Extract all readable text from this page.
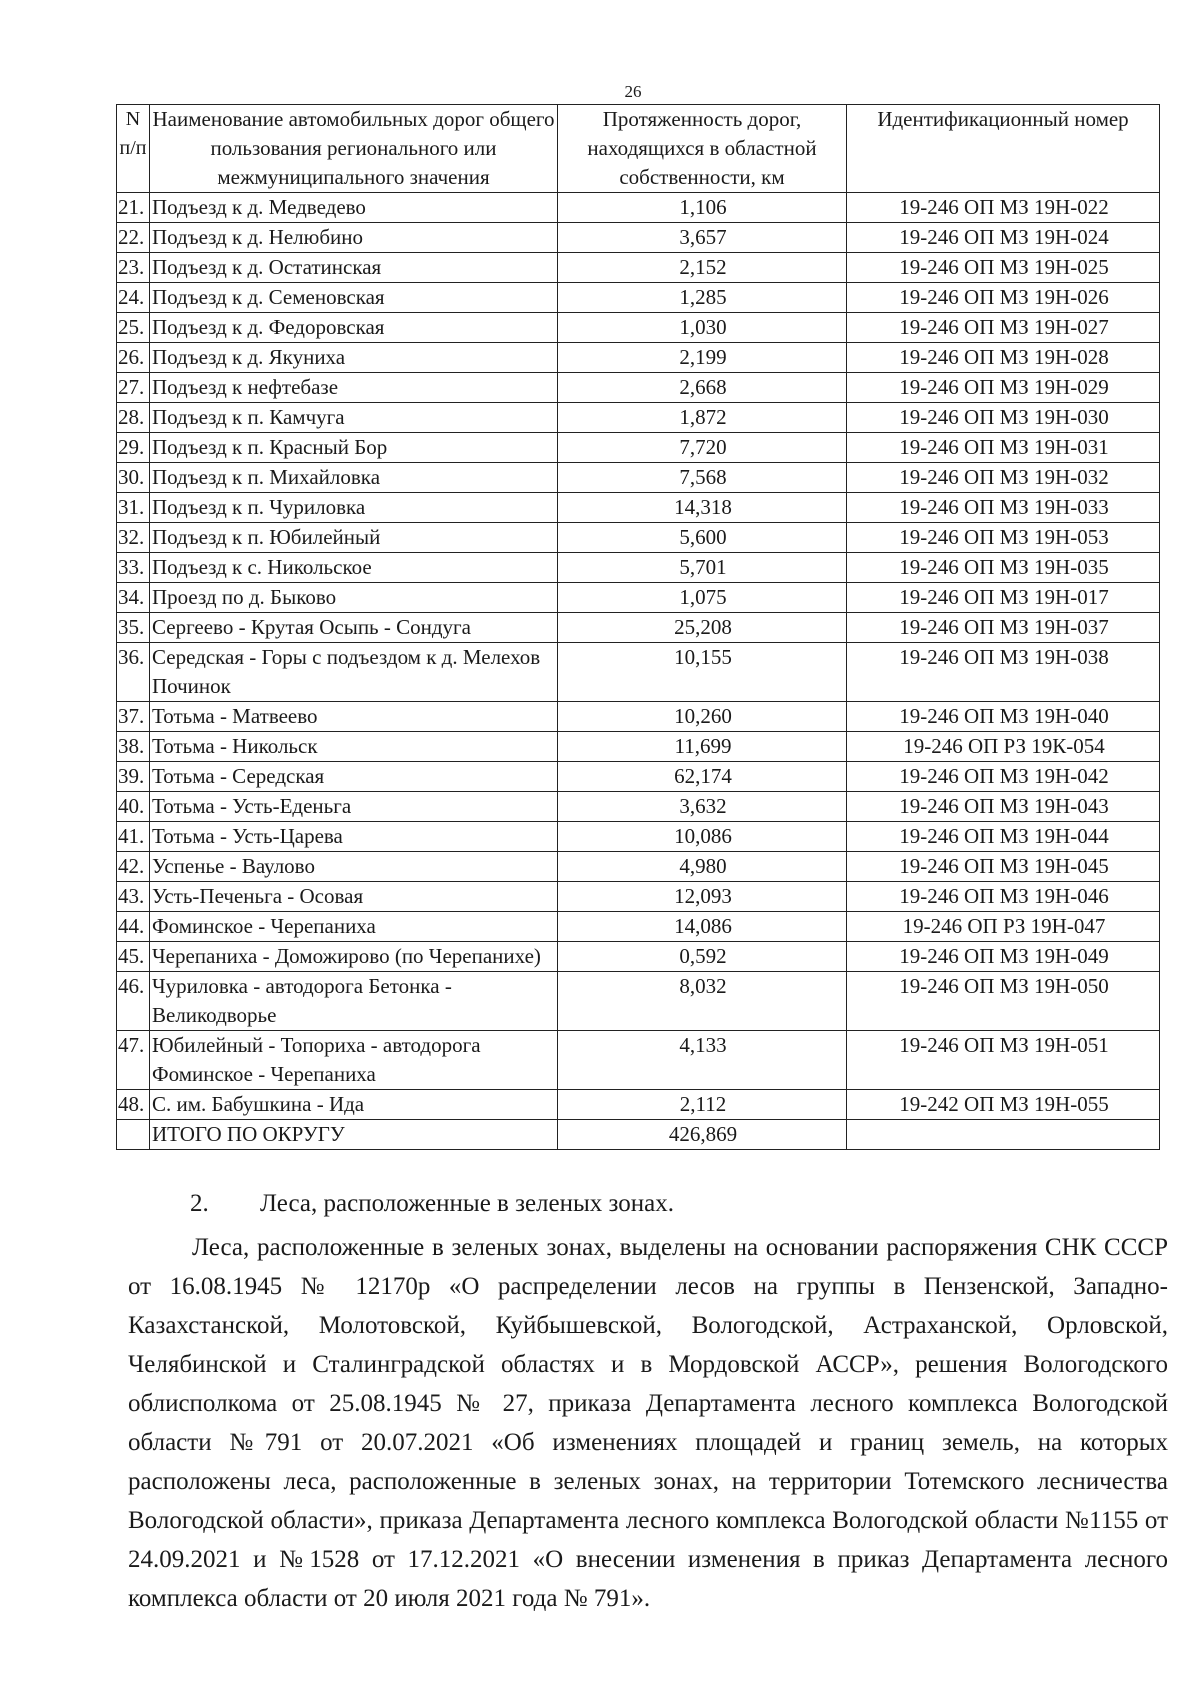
26
N п/п	Наименование автомобильных дорог общего пользования регионального или межмуниципального значения	Протяженность дорог, находящихся в областной собственности, км	Идентификационный номер
21.	Подъезд к д. Медведево	1,106	19-246 ОП МЗ 19Н-022
22.	Подъезд к д. Нелюбино	3,657	19-246 ОП МЗ 19Н-024
23.	Подъезд к д. Остатинская	2,152	19-246 ОП МЗ 19Н-025
24.	Подъезд к д. Семеновская	1,285	19-246 ОП МЗ 19Н-026
25.	Подъезд к д. Федоровская	1,030	19-246 ОП МЗ 19Н-027
26.	Подъезд к д. Якуниха	2,199	19-246 ОП МЗ 19Н-028
27.	Подъезд к нефтебазе	2,668	19-246 ОП МЗ 19Н-029
28.	Подъезд к п. Камчуга	1,872	19-246 ОП МЗ 19Н-030
29.	Подъезд к п. Красный Бор	7,720	19-246 ОП МЗ 19Н-031
30.	Подъезд к п. Михайловка	7,568	19-246 ОП МЗ 19Н-032
31.	Подъезд к п. Чуриловка	14,318	19-246 ОП МЗ 19Н-033
32.	Подъезд к п. Юбилейный	5,600	19-246 ОП МЗ 19Н-053
33.	Подъезд к с. Никольское	5,701	19-246 ОП МЗ 19Н-035
34.	Проезд по д. Быково	1,075	19-246 ОП МЗ 19Н-017
35.	Сергеево - Крутая Осыпь - Сондуга	25,208	19-246 ОП МЗ 19Н-037
36.	Середская - Горы с подъездом к д. Мелехов Починок	10,155	19-246 ОП МЗ 19Н-038
37.	Тотьма - Матвеево	10,260	19-246 ОП МЗ 19Н-040
38.	Тотьма - Никольск	11,699	19-246 ОП РЗ 19К-054
39.	Тотьма - Середская	62,174	19-246 ОП МЗ 19Н-042
40.	Тотьма - Усть-Еденьга	3,632	19-246 ОП МЗ 19Н-043
41.	Тотьма - Усть-Царева	10,086	19-246 ОП МЗ 19Н-044
42.	Успенье - Ваулово	4,980	19-246 ОП МЗ 19Н-045
43.	Усть-Печеньга - Осовая	12,093	19-246 ОП МЗ 19Н-046
44.	Фоминское - Черепаниха	14,086	19-246 ОП РЗ 19Н-047
45.	Черепаниха - Доможирово (по Черепанихе)	0,592	19-246 ОП МЗ 19Н-049
46.	Чуриловка - автодорога Бетонка - Великодворье	8,032	19-246 ОП МЗ 19Н-050
47.	Юбилейный - Топориха - автодорога Фоминское - Черепаниха	4,133	19-246 ОП МЗ 19Н-051
48.	С. им. Бабушкина - Ида	2,112	19-242 ОП МЗ 19Н-055
	ИТОГО ПО ОКРУГУ	426,869	
2. Леса, расположенные в зеленых зонах.
Леса, расположенные в зеленых зонах, выделены на основании распоряжения СНК СССР от 16.08.1945 № 12170р «О распределении лесов на группы в Пензенской, Западно-Казахстанской, Молотовской, Куйбышевской, Вологодской, Астраханской, Орловской, Челябинской и Сталинградской областях и в Мордовской АССР», решения Вологодского облисполкома от 25.08.1945 № 27, приказа Департамента лесного комплекса Вологодской области №791 от 20.07.2021 «Об изменениях площадей и границ земель, на которых расположены леса, расположенные в зеленых зонах, на территории Тотемского лесничества Вологодской области», приказа Департамента лесного комплекса Вологодской области №1155 от 24.09.2021 и №1528 от 17.12.2021 «О внесении изменения в приказ Департамента лесного комплекса области от 20 июля 2021 года № 791».
